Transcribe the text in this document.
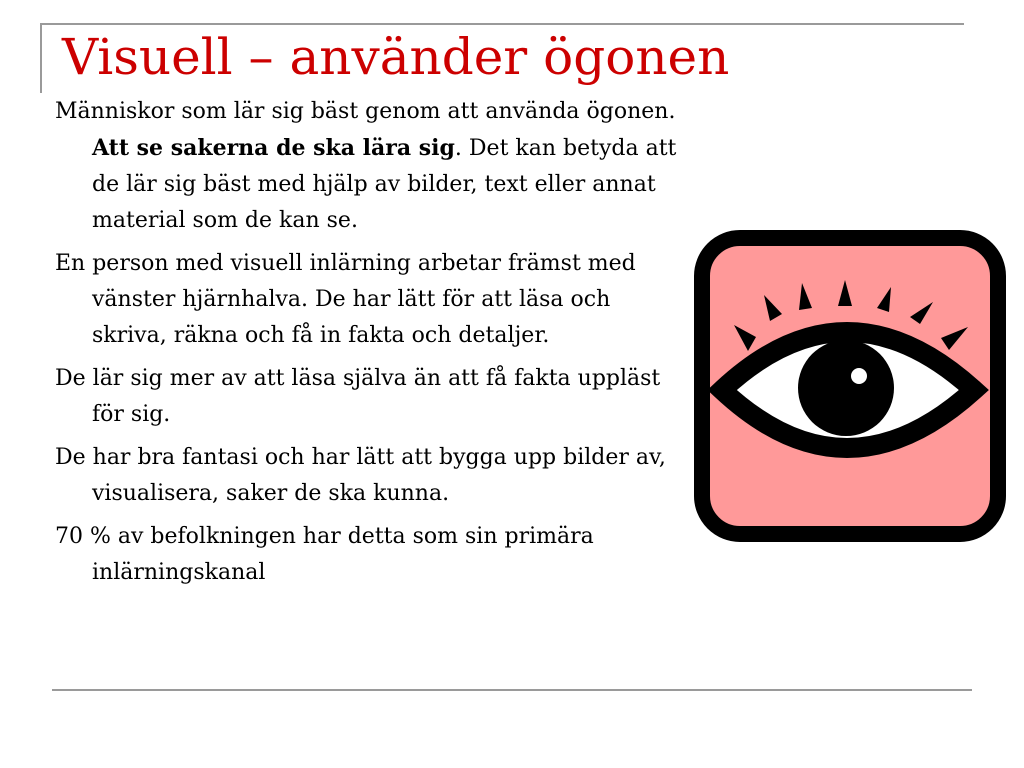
Visuell – använder ögonen

Människor som lär sig bäst genom att använda ögonen. Att se sakerna de ska lära sig. Det kan betyda att de lär sig bäst med hjälp av bilder, text eller annat material som de kan se.

En person med visuell inlärning arbetar främst med vänster hjärnhalva. De har lätt för att läsa och skriva, räkna och få in fakta och detaljer.

De lär sig mer av att läsa själva än att få fakta uppläst för sig.

De har bra fantasi och har lätt att bygga upp bilder av, visualisera, saker de ska kunna.

70 % av befolkningen har detta som sin primära inlärningskanal
